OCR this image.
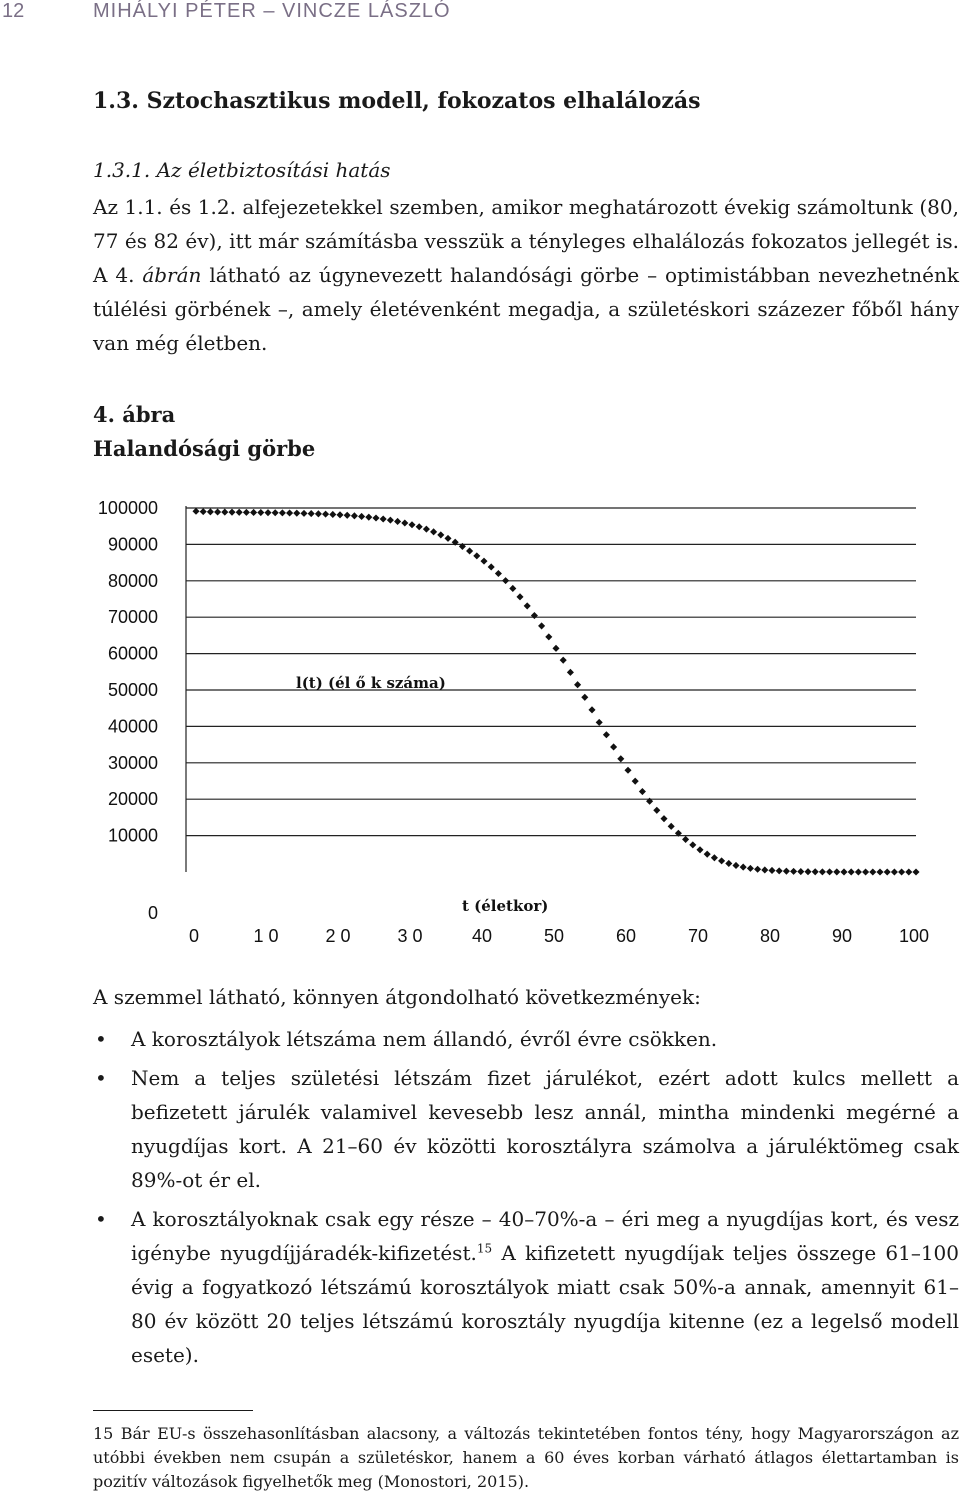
12	MIHÁLYI PÉTER – VINCZE LÁSZLÓ
1.3. Sztochasztikus modell, fokozatos elhalálozás
1.3.1. Az életbiztosítási hatás

Az 1.1. és 1.2. alfejezetekkel szemben, amikor meghatározott évekig számoltunk (80, 77 és 82 év), itt már számításba vesszük a tényleges elhalálozás fokozatos jellegét is. A 4. ábrán látható az úgynevezett halandósági görbe – optimistábban nevezhetnénk túlélési görbének –, amely életévenként megadja, a születéskori százezer főből hány van még életben.

4. ábra
Halandósági görbe
100000
90000
80000
70000
60000
50000
40000
30000
20000
10000
0
0	1 0	2 0	3 0	40	50	60	70	80	90	100
l(t) (él ő k száma)
t (életkor)
A szemmel látható, könnyen átgondolható következmények:
• A korosztályok létszáma nem állandó, évről évre csökken.
• Nem a teljes születési létszám fizet járulékot, ezért adott kulcs mellett a befizetett járulék valamivel kevesebb lesz annál, mintha mindenki megérné a nyugdíjas kort. A 21–60 év közötti korosztályra számolva a járuléktömeg csak 89%-ot ér el.
• A korosztályoknak csak egy része – 40–70%-a – éri meg a nyugdíjas kort, és vesz igénybe nyugdíjjáradék-kifizetést.$^{15}$ A kifizetett nyugdíjak teljes összege 61–100 évig a fogyatkozó létszámú korosztályok miatt csak 50%-a annak, amennyit 61–80 év között 20 teljes létszámú korosztály nyugdíja kitenne (ez a legelső modell esete).
15 Bár EU-s összehasonlításban alacsony, a változás tekintetében fontos tény, hogy Magyarországon az utóbbi években nem csupán a születéskor, hanem a 60 éves korban várható átlagos élettartamban is pozitív változások figyelhetők meg (Monostori, 2015).
